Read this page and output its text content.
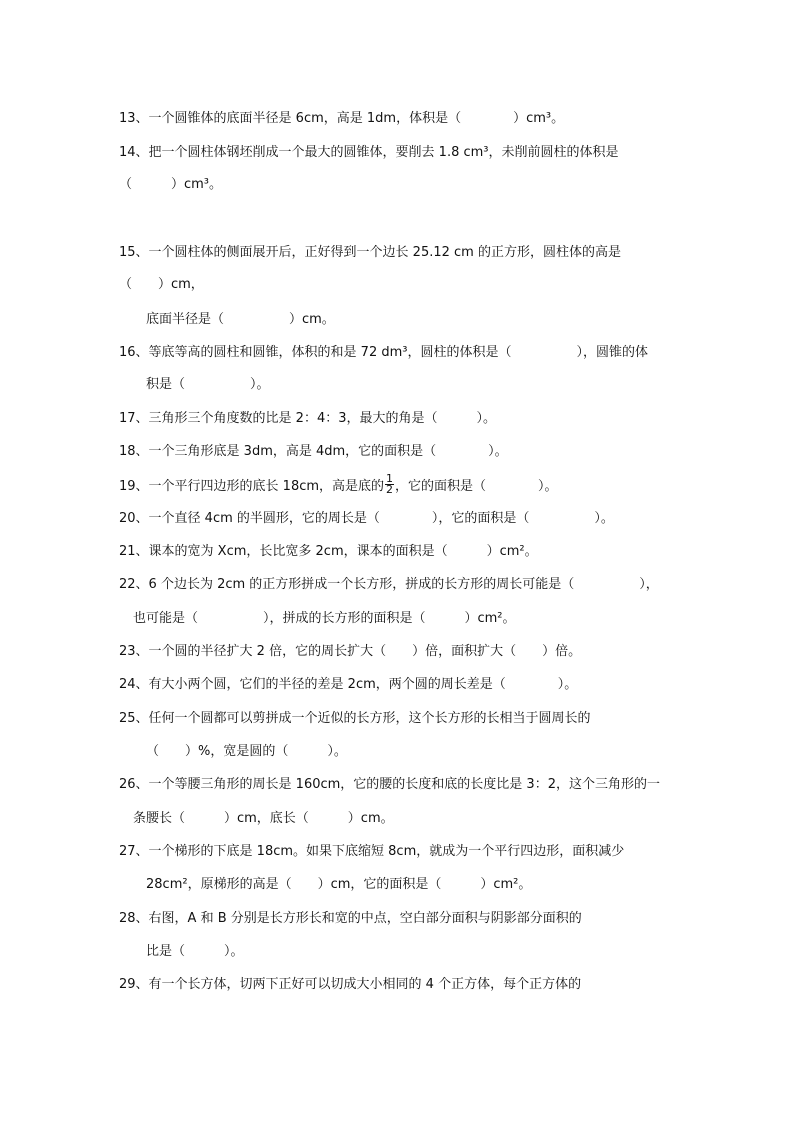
13、一个圆锥体的底面半径是 6cm，高是 1dm，体积是（　　　　）cm³。
14、把一个圆柱体钢坯削成一个最大的圆锥体，要削去 1.8 cm³，未削前圆柱的体积是
（　　　）cm³。
15、一个圆柱体的侧面展开后，正好得到一个边长 25.12 cm 的正方形，圆柱体的高是
（　　）cm，
底面半径是（　　　　　）cm。
16、等底等高的圆柱和圆锥，体积的和是 72 dm³，圆柱的体积是（　　　　　），圆锥的体
积是（　　　　　）。
17、三角形三个角度数的比是 2：4：3，最大的角是（　　　）。
18、一个三角形底是 3dm，高是 4dm，它的面积是（　　　　）。
19、一个平行四边形的底长 18cm，高是底的 $\frac{1}{2}$ ，它的面积是（　　　　）。
20、一个直径 4cm 的半圆形，它的周长是（　　　　），它的面积是（　　　　　）。
21、课本的宽为 Xcm，长比宽多 2cm，课本的面积是（　　　）cm²。
22、6 个边长为 2cm 的正方形拼成一个长方形，拼成的长方形的周长可能是（　　　　　），
也可能是（　　　　　），拼成的长方形的面积是（　　　）cm²。
23、一个圆的半径扩大 2 倍，它的周长扩大（　　）倍，面积扩大（　　）倍。
24、有大小两个圆，它们的半径的差是 2cm，两个圆的周长差是（　　　　）。
25、任何一个圆都可以剪拼成一个近似的长方形，这个长方形的长相当于圆周长的
（　　）%，宽是圆的（　　　）。
26、一个等腰三角形的周长是 160cm，它的腰的长度和底的长度比是 3：2，这个三角形的一
条腰长（　　　）cm，底长（　　　）cm。
27、一个梯形的下底是 18cm。如果下底缩短 8cm，就成为一个平行四边形，面积减少
28cm²，原梯形的高是（　　）cm，它的面积是（　　　）cm²。
28、右图，A 和 B 分别是长方形长和宽的中点，空白部分面积与阴影部分面积的
比是（　　　）。
29、有一个长方体，切两下正好可以切成大小相同的 4 个正方体，每个正方体的
